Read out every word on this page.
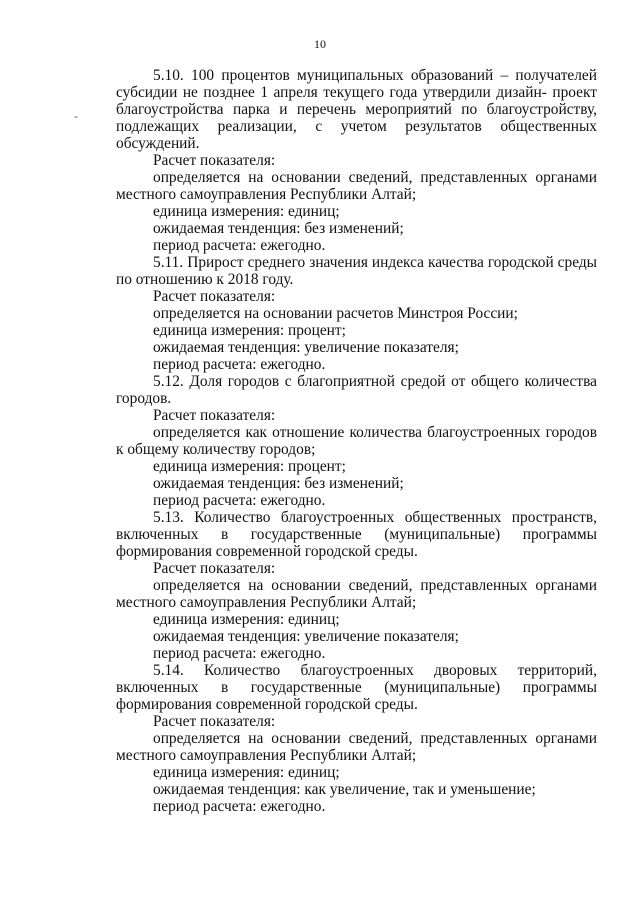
10
-

5.10. 100 процентов муниципальных образований – получателей субсидии не позднее 1 апреля текущего года утвердили дизайн- проект благоустройства парка и перечень мероприятий по благоустройству, подлежащих реализации, с учетом результатов общественных обсуждений.

Расчет показателя:

определяется на основании сведений, представленных органами местного самоуправления Республики Алтай;

единица измерения: единиц;

ожидаемая тенденция: без изменений;

период расчета: ежегодно.

5.11. Прирост среднего значения индекса качества городской среды по отношению к 2018 году.

Расчет показателя:

определяется на основании расчетов Минстроя России;

единица измерения: процент;

ожидаемая тенденция: увеличение показателя;

период расчета: ежегодно.

5.12. Доля городов с благоприятной средой от общего количества городов.

Расчет показателя:

определяется как отношение количества благоустроенных городов к общему количеству городов;

единица измерения: процент;

ожидаемая тенденция: без изменений;

период расчета: ежегодно.

5.13. Количество благоустроенных общественных пространств, включенных в государственные (муниципальные) программы формирования современной городской среды.

Расчет показателя:

определяется на основании сведений, представленных органами местного самоуправления Республики Алтай;

единица измерения: единиц;

ожидаемая тенденция: увеличение показателя;

период расчета: ежегодно.

5.14. Количество благоустроенных дворовых территорий, включенных в государственные (муниципальные) программы формирования современной городской среды.

Расчет показателя:

определяется на основании сведений, представленных органами местного самоуправления Республики Алтай;

единица измерения: единиц;

ожидаемая тенденция: как увеличение, так и уменьшение;

период расчета: ежегодно.
